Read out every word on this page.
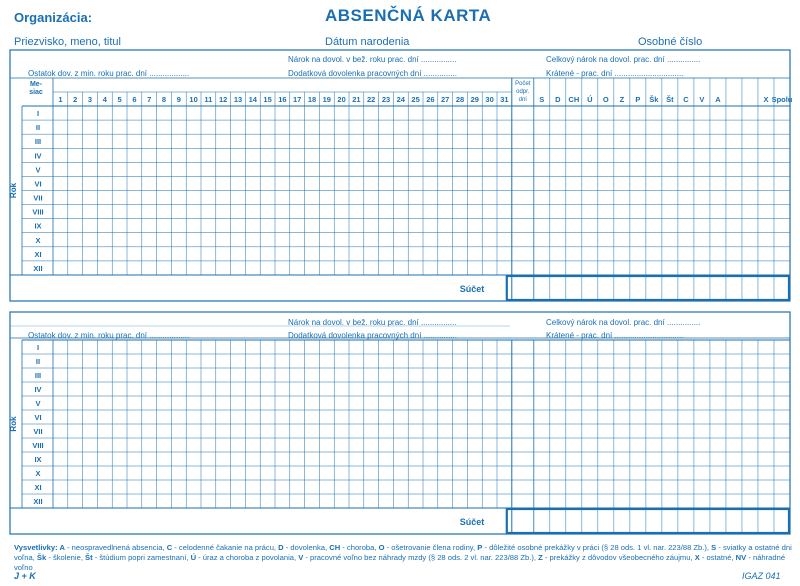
Organizácia:	ABSENČNÁ KARTA
Priezvisko, meno, titul	Dátum narodenia	Osobné číslo
Nárok na dovol. v bež. roku prac. dní ................
Ostatok dov. z min. roku prac. dní ..................	Dodatková dovolenka pracovných dní ...............
Celkový nárok na dovol. prac. dní ...............
Krátené - prac. dní ...............................
Nárok na dovol. v bež. roku prac. dní ................
Ostatok dov. z min. roku prac. dní ..................	Dodatková dovolenka pracovných dní ...............
Celkový nárok na dovol. prac. dní ...............
Krátené - prac. dní ...............................
Rok
Me-
siac
1 2 3 4 5 6 7 8 9 10 11 12 13 14 15 16 17 18 19 20 21 22 23 24 25 26 27 28 29 30 31
Počet
odpr.
dní S D CH Ú O Z P Šk Št C V A	X Spolu
I
II
III
IV
V
VI
VII
VIII
IX
X
XI
XII
Súčet
Rok
I
II
III
IV
V
VI
VII
VIII
IX
X
XI
XII
Súčet
Vysvetlivky: A - neospravedlnená absencia, C - celodenné čakanie na prácu, D - dovolenka, CH - choroba, O - ošetrovanie člena rodiny, P - dôležité osobné prekážky v práci (§ 28 ods. 1 vl. nar. 223/88 Zb.), S - sviatky a ostatné dni voľna, Šk - školenie, Št - štúdium popri zamestnaní, Ú - úraz a choroba z povolania, V - pracovné voľno bez náhrady mzdy (§ 28 ods. 2 vl. nar. 223/88 Zb.), Z - prekážky z dôvodov všeobecného záujmu, X - ostatné, NV - náhradné voľno
J + K	IGAZ 041
